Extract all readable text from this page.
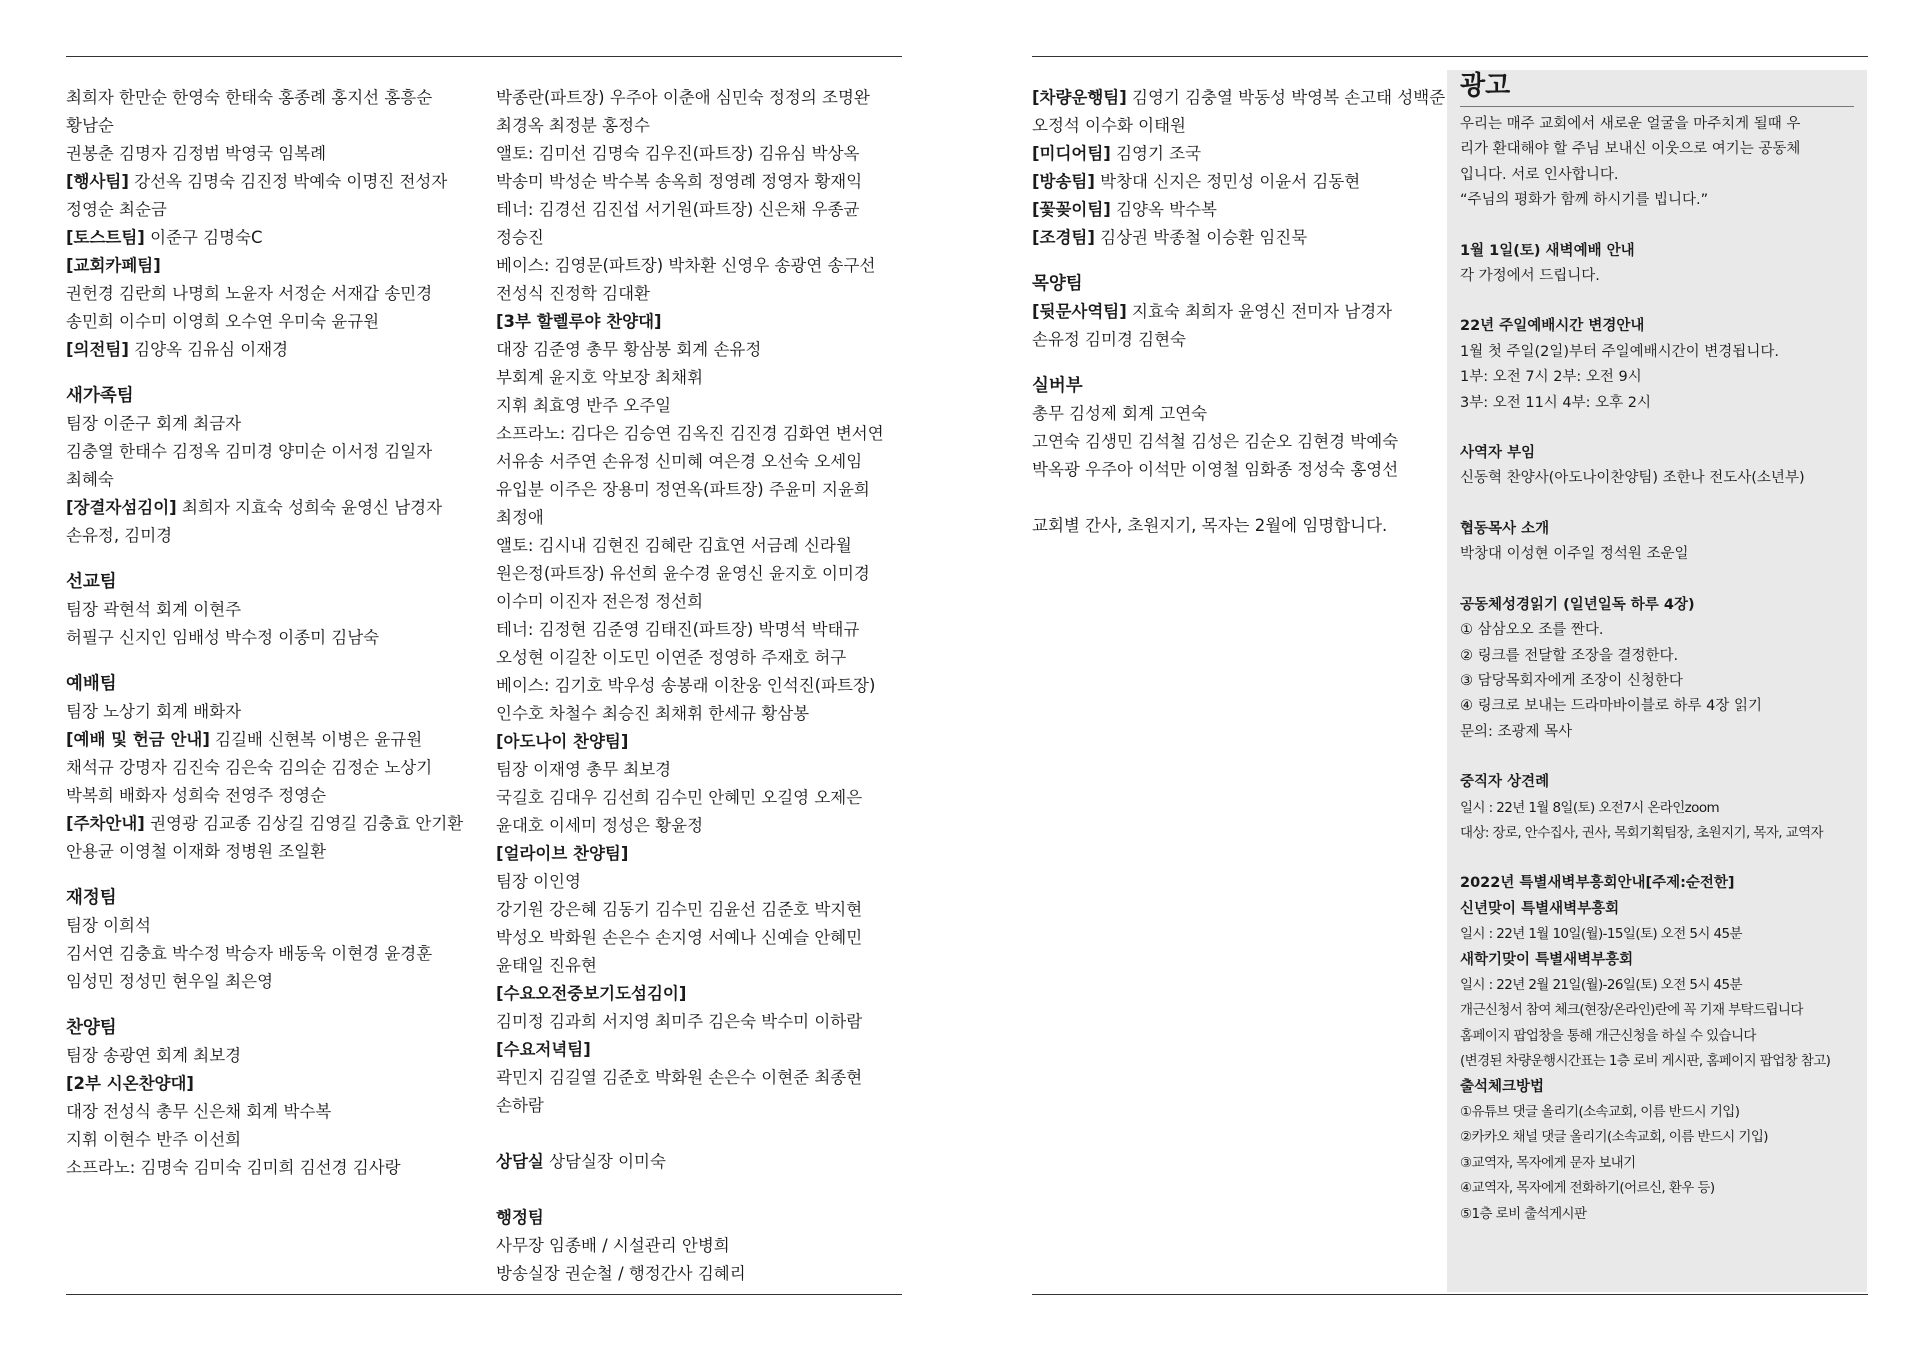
최희자 한만순 한영숙 한태숙 홍종례 홍지선 홍흥순
황남순
권봉춘 김명자 김정범 박영국 임복례
[행사팀] 강선옥 김명숙 김진정 박예숙 이명진 전성자
정영순 최순금
[토스트팀] 이준구 김명숙C
[교회카페팀]
권헌경 김란희 나명희 노윤자 서정순 서재갑 송민경
송민희 이수미 이영희 오수연 우미숙 윤규원
[의전팀] 김양옥 김유심 이재경
새가족팀
팀장 이준구 회계 최금자
김충열 한태수 김정옥 김미경 양미순 이서정 김일자
최혜숙
[장결자섬김이] 최희자 지효숙 성희숙 윤영신 남경자
손유정, 김미경
선교팀
팀장 곽현석 회계 이현주
허필구 신지인 임배성 박수정 이종미 김남숙
예배팀
팀장 노상기 회계 배화자
[예배 및 헌금 안내] 김길배 신현복 이병은 윤규원
채석규 강명자 김진숙 김은숙 김의순 김정순 노상기
박복희 배화자 성희숙 전영주 정영순
[주차안내] 권영광 김교종 김상길 김영길 김충효 안기환
안용균 이영철 이재화 정병원 조일환
재정팀
팀장 이희석
김서연 김충효 박수정 박승자 배동욱 이현경 윤경훈
임성민 정성민 현우일 최은영
찬양팀
팀장 송광연 회계 최보경
[2부 시온찬양대]
대장 전성식 총무 신은채 회계 박수복
지휘 이현수 반주 이선희
소프라노: 김명숙 김미숙 김미희 김선경 김사랑
박종란(파트장) 우주아 이춘애 심민숙 정정의 조명완
최경옥 최정분 홍정수
앨토: 김미선 김명숙 김우진(파트장) 김유심 박상옥
박송미 박성순 박수복 송옥희 정영례 정영자 황재익
테너: 김경선 김진섭 서기원(파트장) 신은채 우종균
정승진
베이스: 김영문(파트장) 박차환 신영우 송광연 송구선
전성식 진정학 김대환
[3부 할렐루야 찬양대]
대장 김준영 총무 황삼봉 회계 손유정
부회계 윤지호 악보장 최채휘
지휘 최효영 반주 오주일
소프라노: 김다은 김승연 김옥진 김진경 김화연 변서연
서유송 서주연 손유정 신미혜 여은경 오선숙 오세임
유입분 이주은 장용미 정연옥(파트장) 주윤미 지윤희
최정애
앨토: 김시내 김현진 김혜란 김효연 서금례 신라월
원은정(파트장) 유선희 윤수경 윤영신 윤지호 이미경
이수미 이진자 전은정 정선희
테너: 김정현 김준영 김태진(파트장) 박명석 박태규
오성현 이길찬 이도민 이연준 정영하 주재호 허구
베이스: 김기호 박우성 송봉래 이찬웅 인석진(파트장)
인수호 차철수 최승진 최채휘 한세규 황삼봉
[아도나이 찬양팀]
팀장 이재영 총무 최보경
국길호 김대우 김선희 김수민 안혜민 오길영 오제은
윤대호 이세미 정성은 황윤정
[얼라이브 찬양팀]
팀장 이인영
강기원 강은혜 김동기 김수민 김윤선 김준호 박지현
박성오 박화원 손은수 손지영 서예나 신예슬 안혜민
윤태일 진유현
[수요오전중보기도섬김이]
김미정 김과희 서지영 최미주 김은숙 박수미 이하람
[수요저녁팀]
곽민지 김길열 김준호 박화원 손은수 이현준 최종현
손하람
상담실 상담실장 이미숙
행정팀
사무장 임종배 / 시설관리 안병희
방송실장 권순철 / 행정간사 김혜리
[차량운행팀] 김영기 김충열 박동성 박영복 손고태 성백준
오정석 이수화 이태원
[미디어팀] 김영기 조국
[방송팀] 박창대 신지은 정민성 이윤서 김동현
[꽃꽂이팀] 김양옥 박수복
[조경팀] 김상권 박종철 이승환 임진묵
목양팀
[뒷문사역팀] 지효숙 최희자 윤영신 전미자 남경자
손유정 김미경 김현숙
실버부
총무 김성제 회계 고연숙
고연숙 김생민 김석철 김성은 김순오 김현경 박예숙
박옥광 우주아 이석만 이영철 임화종 정성숙 홍영선
교회별 간사, 초원지기, 목자는 2월에 임명합니다.
광고
우리는 매주 교회에서 새로운 얼굴을 마주치게 될때 우
리가 환대해야 할 주님 보내신 이웃으로 여기는 공동체
입니다. 서로 인사합니다.
“주님의 평화가 함께 하시기를 빕니다.”
1월 1일(토) 새벽예배 안내
각 가정에서 드립니다.
22년 주일예배시간 변경안내
1월 첫 주일(2일)부터 주일예배시간이 변경됩니다.
1부: 오전 7시 2부: 오전 9시
3부: 오전 11시 4부: 오후 2시
사역자 부임
신동혁 찬양사(아도나이찬양팀) 조한나 전도사(소년부)
협동목사 소개
박창대 이성현 이주일 정석원 조운일
공동체성경읽기 (일년일독 하루 4장)
① 삼삼오오 조를 짠다.
② 링크를 전달할 조장을 결정한다.
③ 담당목회자에게 조장이 신청한다
④ 링크로 보내는 드라마바이블로 하루 4장 읽기
문의: 조광제 목사
중직자 상견례
일시 : 22년 1월 8일(토) 오전7시 온라인zoom
대상: 장로, 안수집사, 권사, 목회기획팀장, 초원지기, 목자, 교역자
2022년 특별새벽부흥회안내[주제:순전한]
신년맞이 특별새벽부흥회
일시 : 22년 1월 10일(월)-15일(토) 오전 5시 45분
새학기맞이 특별새벽부흥회
일시 : 22년 2월 21일(월)-26일(토) 오전 5시 45분
개근신청서 참여 체크(현장/온라인)란에 꼭 기재 부탁드립니다
홈페이지 팝업창을 통해 개근신청을 하실 수 있습니다
(변경된 차량운행시간표는 1층 로비 게시판, 홈페이지 팝업창 참고)
출석체크방법
①유튜브 댓글 올리기(소속교회, 이름 반드시 기입)
②카카오 채널 댓글 올리기(소속교회, 이름 반드시 기입)
③교역자, 목자에게 문자 보내기
④교역자, 목자에게 전화하기(어르신, 환우 등)
⑤1층 로비 출석게시판
